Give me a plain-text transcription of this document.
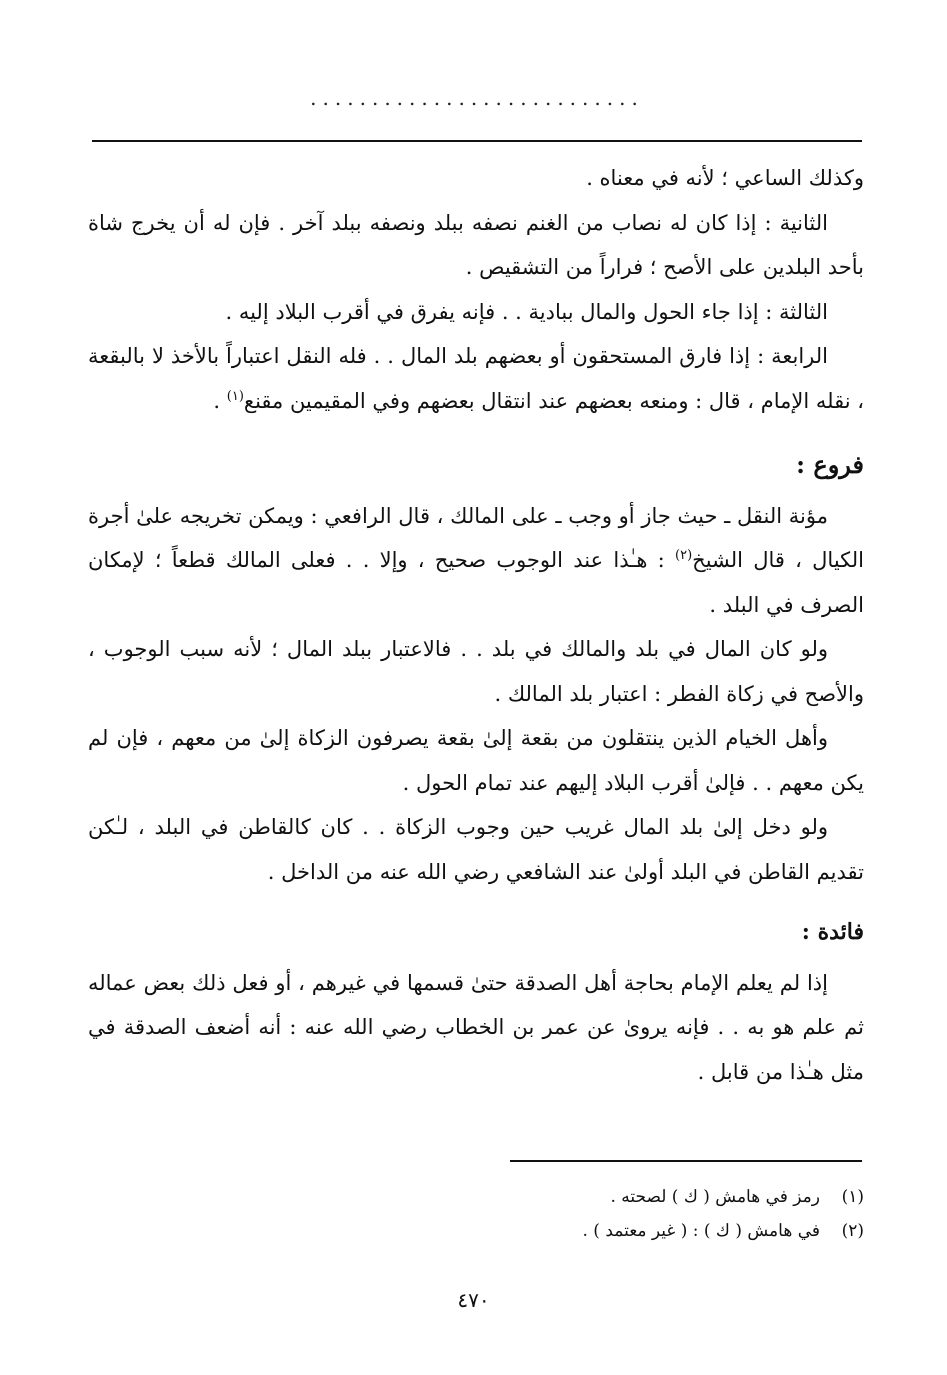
...........................

وكذلك الساعي ؛ لأنه في معناه .

الثانية : إذا كان له نصاب من الغنم نصفه ببلد ونصفه ببلد آخر . فإن له أن يخرج شاة بأحد البلدين على الأصح ؛ فراراً من التشقيص .

الثالثة : إذا جاء الحول والمال ببادية . . فإنه يفرق في أقرب البلاد إليه .

الرابعة : إذا فارق المستحقون أو بعضهم بلد المال . . فله النقل اعتباراً بالأخذ لا بالبقعة ، نقله الإمام ، قال : ومنعه بعضهم عند انتقال بعضهم وفي المقيمين مقنع$^{(١)}$ .

فروع :

مؤنة النقل ـ حيث جاز أو وجب ـ على المالك ، قال الرافعي : ويمكن تخريجه علىٰ أجرة الكيال ، قال الشيخ$^{(٢)}$ : هـٰذا عند الوجوب صحيح ، وإلا . . فعلى المالك قطعاً ؛ لإمكان الصرف في البلد .

ولو كان المال في بلد والمالك في بلد . . فالاعتبار ببلد المال ؛ لأنه سبب الوجوب ، والأصح في زكاة الفطر : اعتبار بلد المالك .

وأهل الخيام الذين ينتقلون من بقعة إلىٰ بقعة يصرفون الزكاة إلىٰ من معهم ، فإن لم يكن معهم . . فإلىٰ أقرب البلاد إليهم عند تمام الحول .

ولو دخل إلىٰ بلد المال غريب حين وجوب الزكاة . . كان كالقاطن في البلد ، لـٰكن تقديم القاطن في البلد أولىٰ عند الشافعي رضي الله عنه من الداخل .

فائدة :

إذا لم يعلم الإمام بحاجة أهل الصدقة حتىٰ قسمها في غيرهم ، أو فعل ذلك بعض عماله ثم علم هو به . . فإنه يروىٰ عن عمر بن الخطاب رضي الله عنه : أنه أضعف الصدقة في مثل هـٰذا من قابل .

(١)
رمز في هامش ( ك ) لصحته .
(٢)
في هامش ( ك ) : ( غير معتمد ) .
٤٧٠
